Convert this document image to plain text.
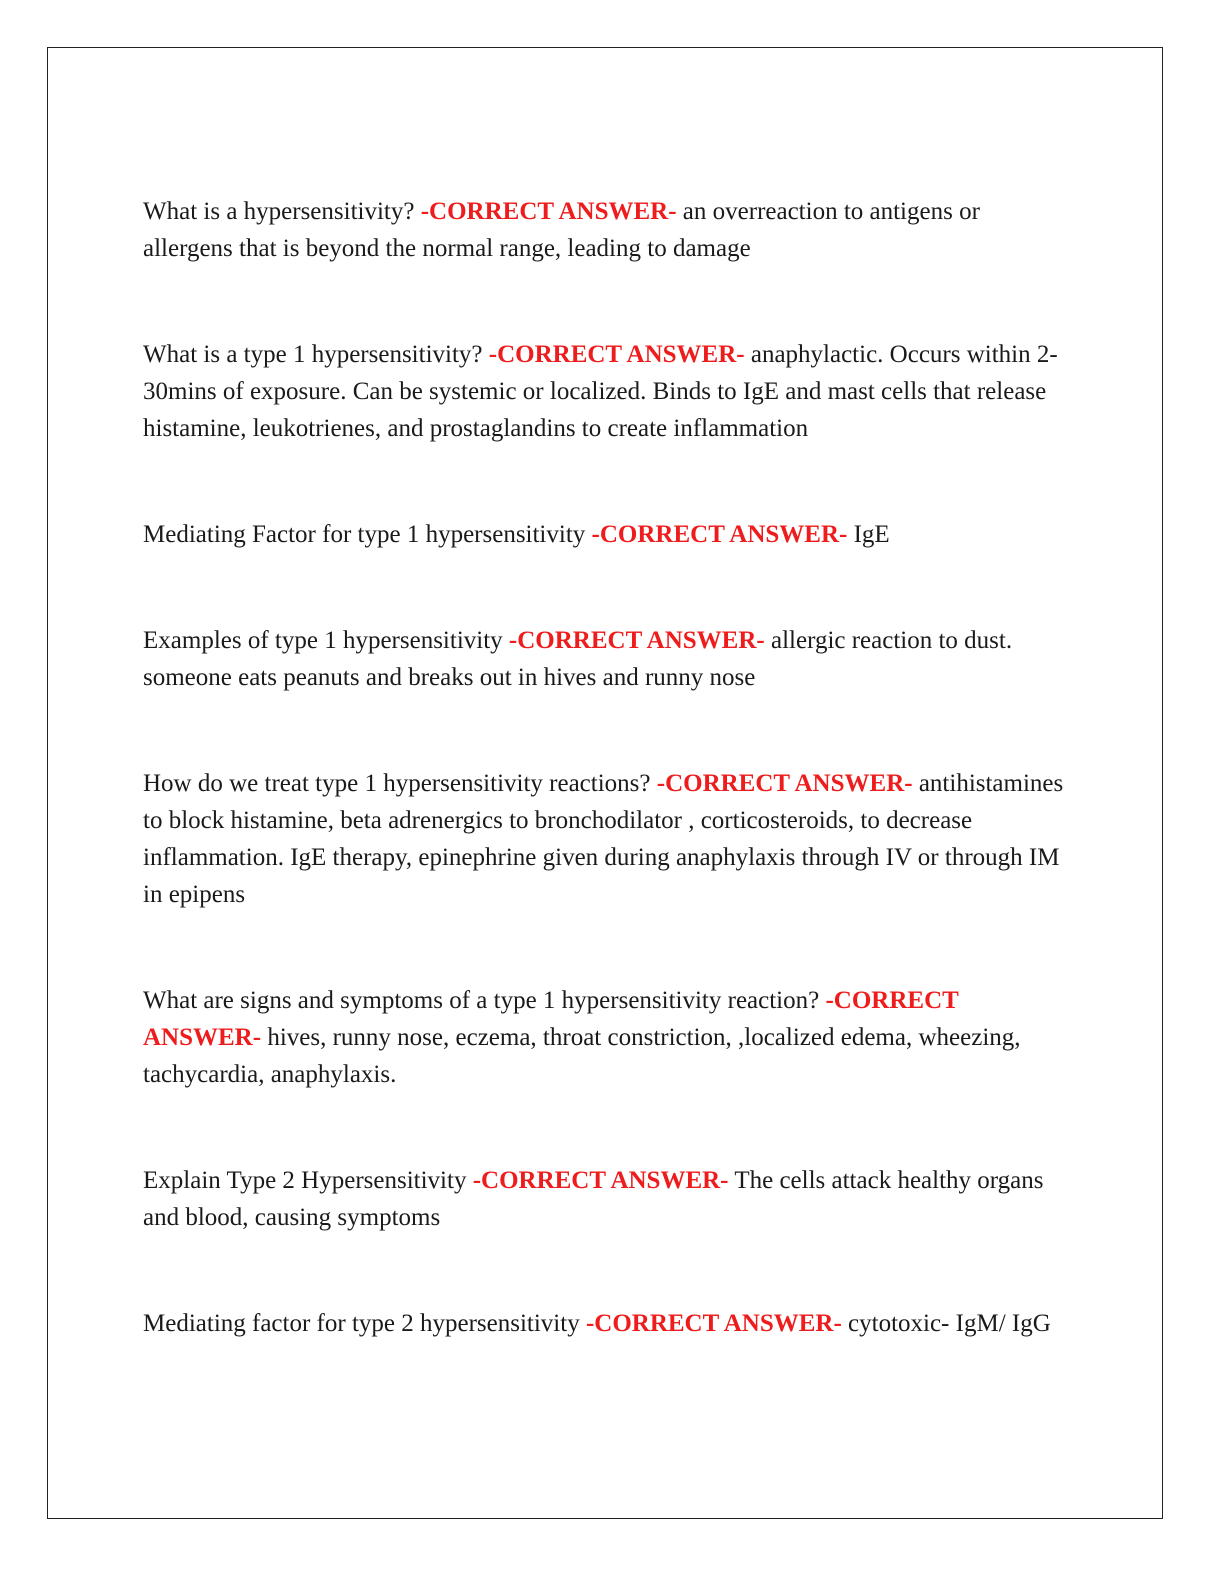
What is a hypersensitivity? -CORRECT ANSWER- an overreaction to antigens or allergens that is beyond the normal range, leading to damage

What is a type 1 hypersensitivity? -CORRECT ANSWER- anaphylactic. Occurs within 2-30mins of exposure. Can be systemic or localized. Binds to IgE and mast cells that release histamine, leukotrienes, and prostaglandins to create inflammation

Mediating Factor for type 1 hypersensitivity -CORRECT ANSWER- IgE

Examples of type 1 hypersensitivity -CORRECT ANSWER- allergic reaction to dust. someone eats peanuts and breaks out in hives and runny nose

How do we treat type 1 hypersensitivity reactions? -CORRECT ANSWER- antihistamines to block histamine, beta adrenergics to bronchodilator , corticosteroids, to decrease inflammation. IgE therapy, epinephrine given during anaphylaxis through IV or through IM in epipens

What are signs and symptoms of a type 1 hypersensitivity reaction? -CORRECT ANSWER- hives, runny nose, eczema, throat constriction, ,localized edema, wheezing, tachycardia, anaphylaxis.

Explain Type 2 Hypersensitivity -CORRECT ANSWER- The cells attack healthy organs and blood, causing symptoms

Mediating factor for type 2 hypersensitivity -CORRECT ANSWER- cytotoxic- IgM/ IgG
